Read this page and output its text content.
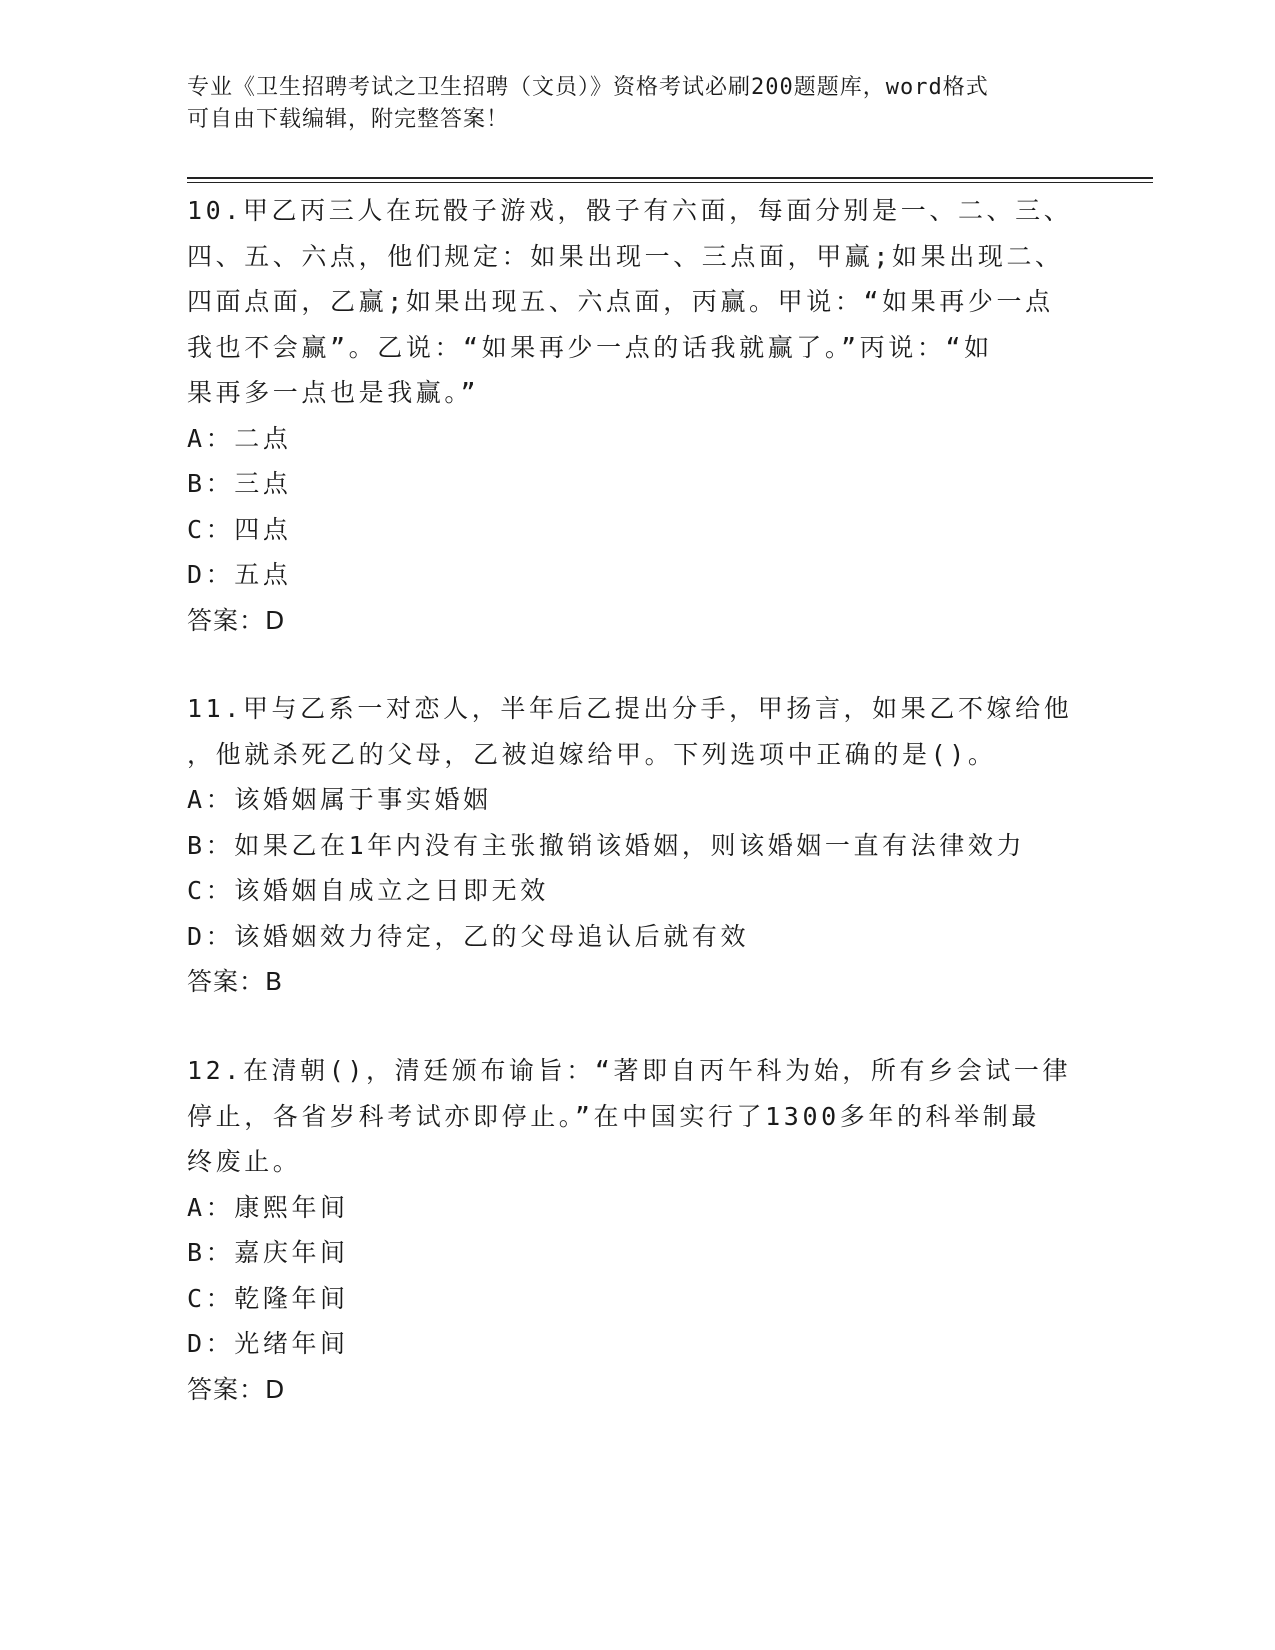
专业《卫生招聘考试之卫生招聘（文员）》资格考试必刷200题题库，word格式
可自由下载编辑，附完整答案！

10.甲乙丙三人在玩骰子游戏，骰子有六面，每面分别是一、二、三、

四、五、六点，他们规定：如果出现一、三点面，甲赢;如果出现二、

四面点面，乙赢;如果出现五、六点面，丙赢。甲说：“如果再少一点

我也不会赢”。乙说：“如果再少一点的话我就赢了。”丙说：“如

果再多一点也是我赢。”

A：二点

B：三点

C：四点

D：五点

答案：D

11.甲与乙系一对恋人，半年后乙提出分手，甲扬言，如果乙不嫁给他

，他就杀死乙的父母，乙被迫嫁给甲。下列选项中正确的是()。

A：该婚姻属于事实婚姻

B：如果乙在1年内没有主张撤销该婚姻，则该婚姻一直有法律效力

C：该婚姻自成立之日即无效

D：该婚姻效力待定，乙的父母追认后就有效

答案：B

12.在清朝()，清廷颁布谕旨：“著即自丙午科为始，所有乡会试一律

停止，各省岁科考试亦即停止。”在中国实行了1300多年的科举制最

终废止。

A：康熙年间

B：嘉庆年间

C：乾隆年间

D：光绪年间

答案：D
